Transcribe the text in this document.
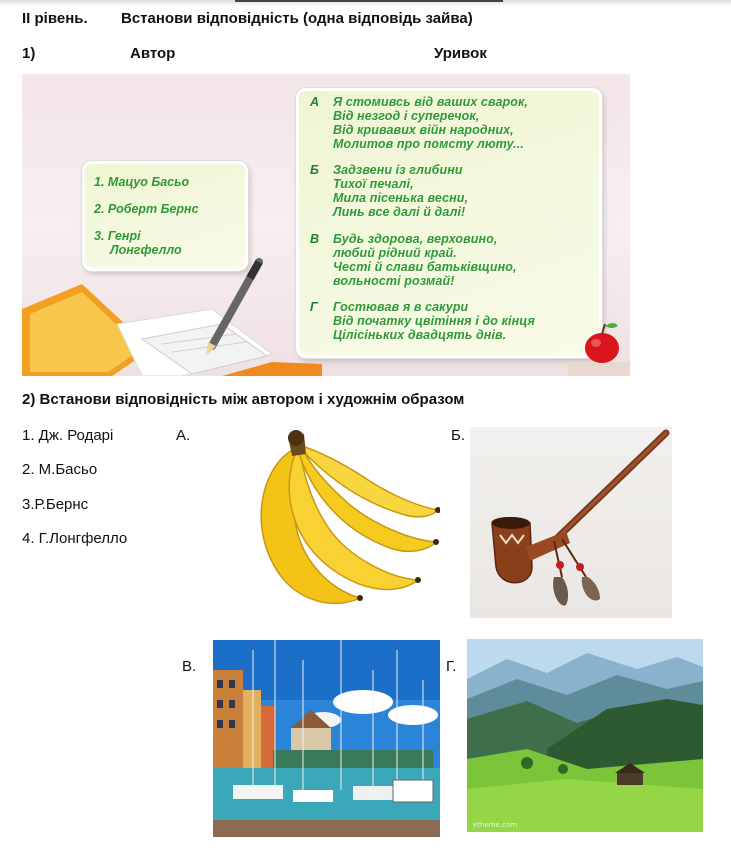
ІІ рівень. Встанови відповідність (одна відповідь зайва)
1)	Автор	Уривок
1. Мацуо Басьо
2. Роберт Бернс
3. Генрі
Лонгфелло
А Я стомивсь від ваших сварок,
Від незгод і суперечок,
Від кривавих війн народних,
Молитов про помсту люту...
Б Задзвени із глибини
Тихої печалі,
Мила пісенька весни,
Линь все далі й далі!
В Будь здорова, верховино,
любий рідний край.
Честі й слави батьківщино,
вольності розмай!
Г Гостював я в сакури
Від початку цвітіння і до кінця
Цілісіньких двадцять днів.
2) Встанови відповідність між автором і художнім образом
1. Дж. Родарі
2. М.Басьо
3.Р.Бернс
4. Г.Лонгфелло
А.	Б.
В.	Г.
etheme.com
